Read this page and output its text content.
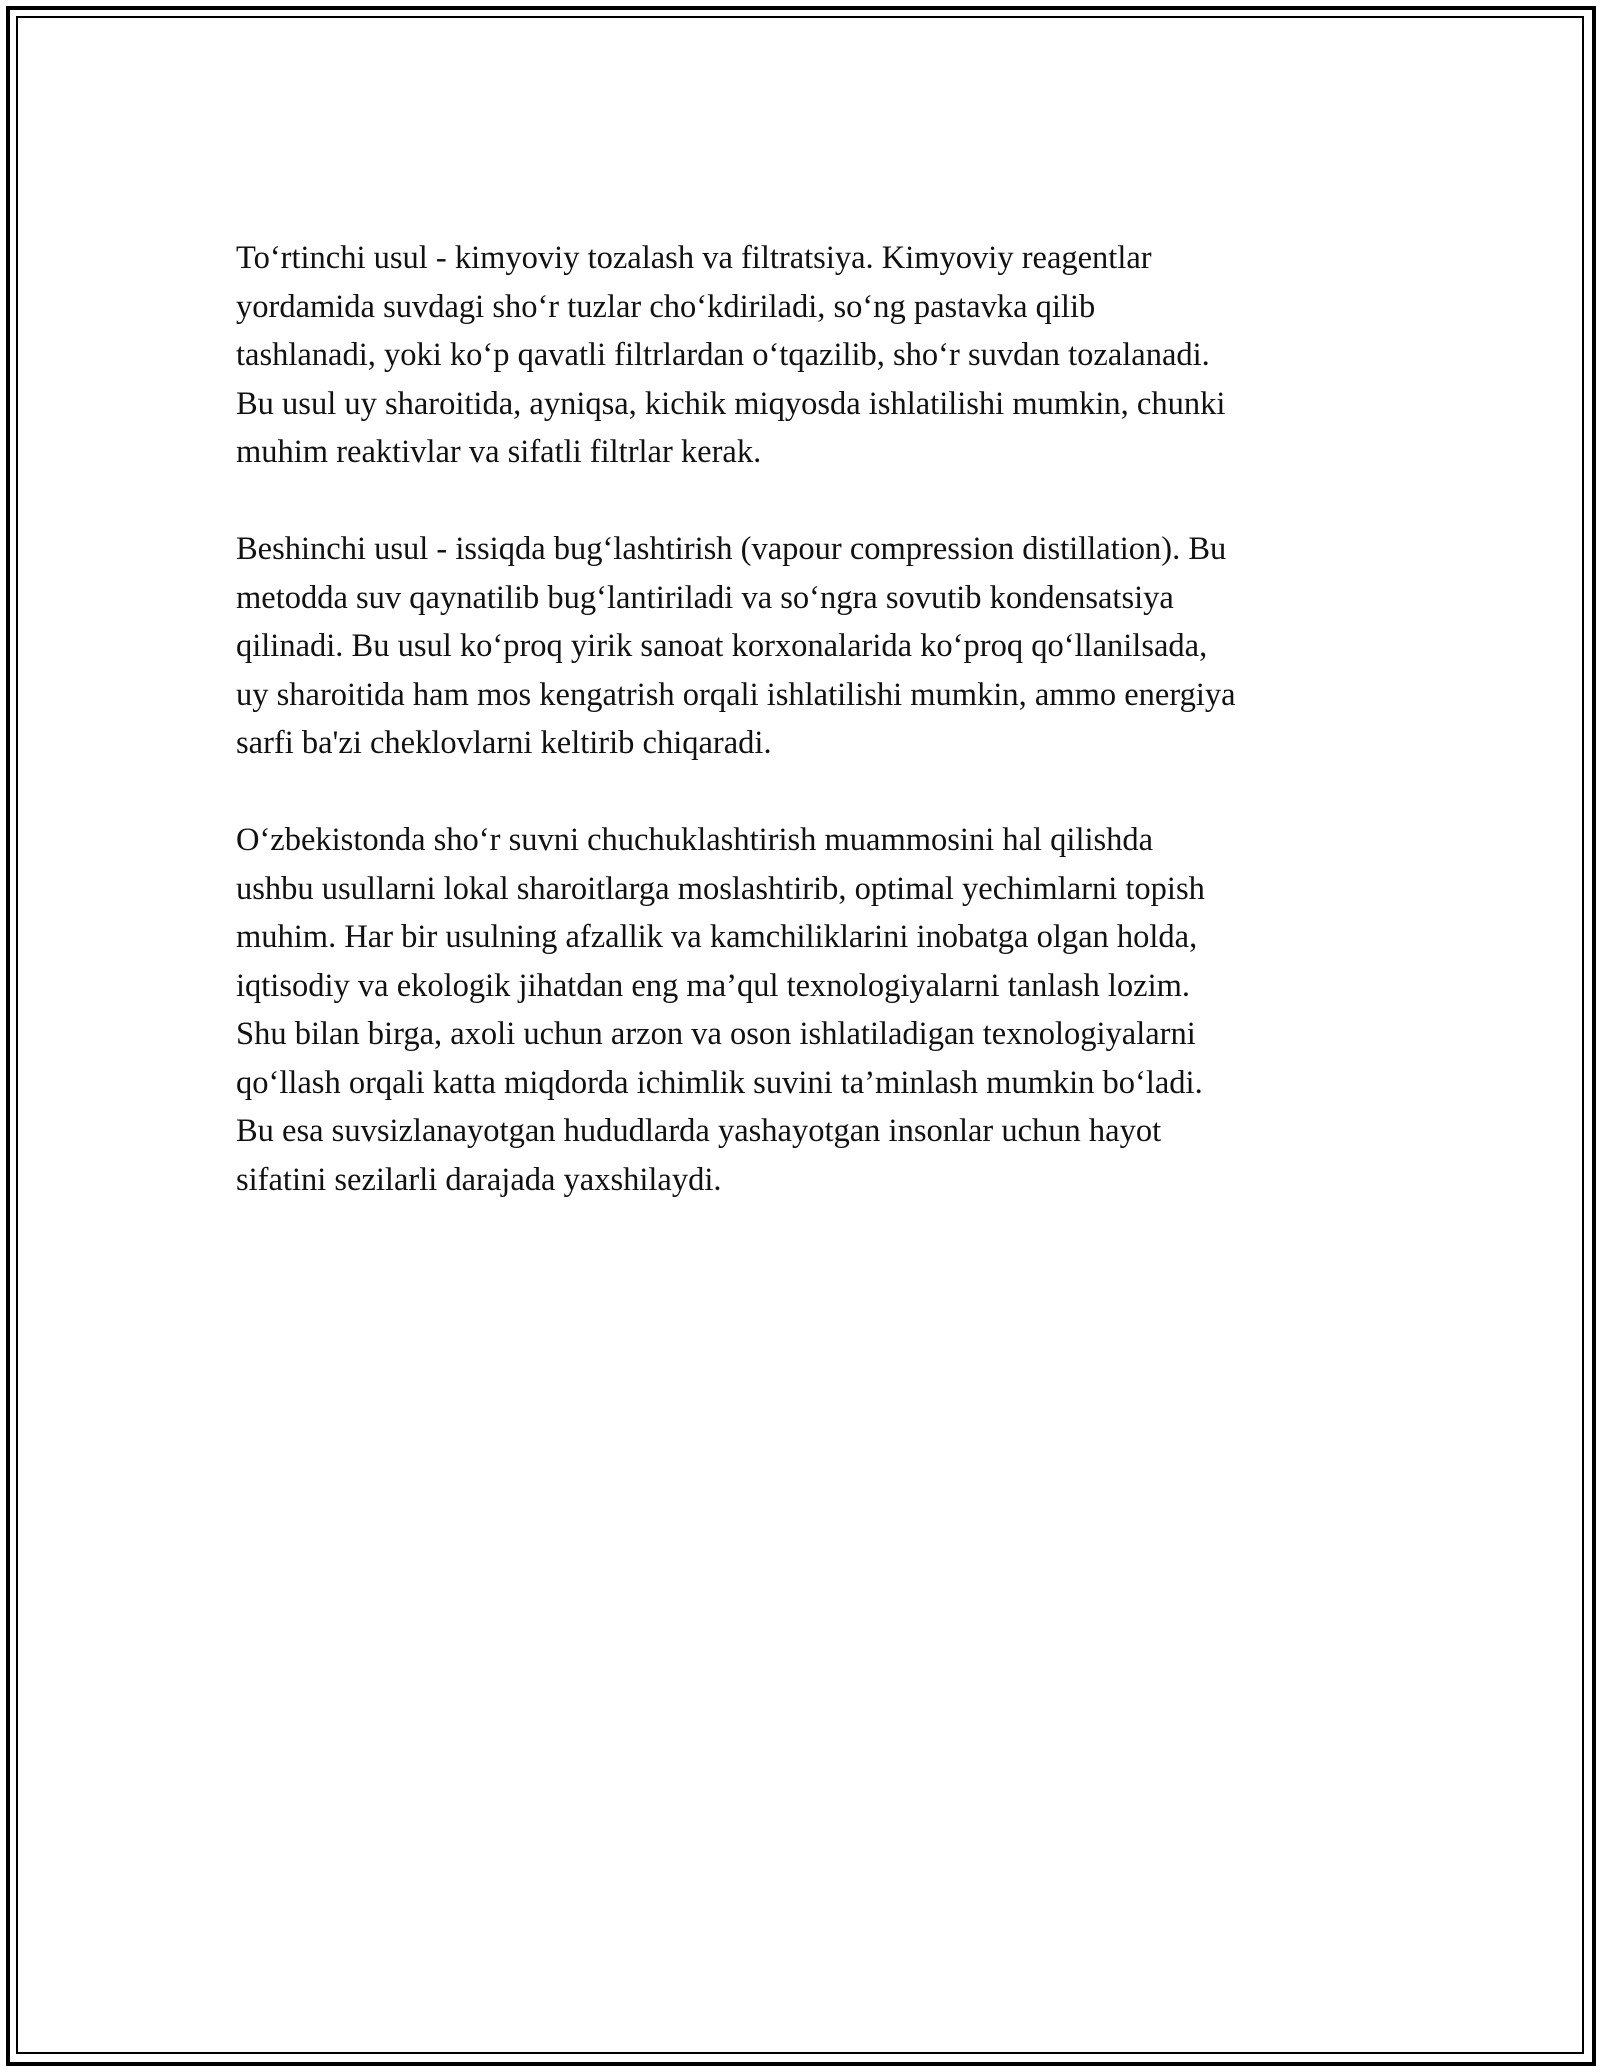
To‘rtinchi usul - kimyoviy tozalash va filtratsiya. Kimyoviy reagentlar
yordamida suvdagi sho‘r tuzlar cho‘kdiriladi, so‘ng pastavka qilib
tashlanadi, yoki ko‘p qavatli filtrlardan o‘tqazilib, sho‘r suvdan tozalanadi.
Bu usul uy sharoitida, ayniqsa, kichik miqyosda ishlatilishi mumkin, chunki
muhim reaktivlar va sifatli filtrlar kerak.

Beshinchi usul - issiqda bug‘lashtirish (vapour compression distillation). Bu
metodda suv qaynatilib bug‘lantiriladi va so‘ngra sovutib kondensatsiya
qilinadi. Bu usul ko‘proq yirik sanoat korxonalarida ko‘proq qo‘llanilsada,
uy sharoitida ham mos kengatrish orqali ishlatilishi mumkin, ammo energiya
sarfi ba'zi cheklovlarni keltirib chiqaradi.

O‘zbekistonda sho‘r suvni chuchuklashtirish muammosini hal qilishda
ushbu usullarni lokal sharoitlarga moslashtirib, optimal yechimlarni topish
muhim. Har bir usulning afzallik va kamchiliklarini inobatga olgan holda,
iqtisodiy va ekologik jihatdan eng ma’qul texnologiyalarni tanlash lozim.
Shu bilan birga, axoli uchun arzon va oson ishlatiladigan texnologiyalarni
qo‘llash orqali katta miqdorda ichimlik suvini ta’minlash mumkin bo‘ladi.
Bu esa suvsizlanayotgan hududlarda yashayotgan insonlar uchun hayot
sifatini sezilarli darajada yaxshilaydi.
